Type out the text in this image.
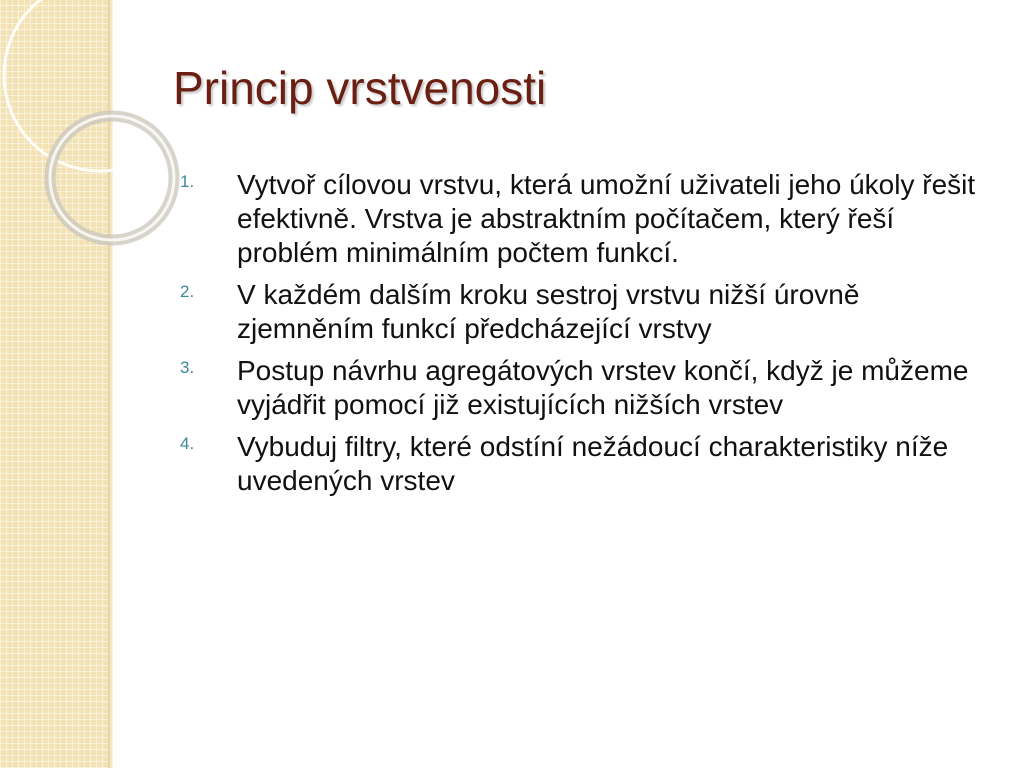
Princip vrstvenosti
1. Vytvoř cílovou vrstvu, která umožní uživateli jeho úkoly řešit efektivně. Vrstva je abstraktním počítačem, který řeší problém minimálním počtem funkcí.
2. V každém dalším kroku sestroj vrstvu nižší úrovně zjemněním funkcí předcházející vrstvy
3. Postup návrhu agregátových vrstev končí, když je můžeme vyjádřit pomocí již existujících nižších vrstev
4. Vybuduj filtry, které odstíní nežádoucí charakteristiky níže uvedených vrstev
